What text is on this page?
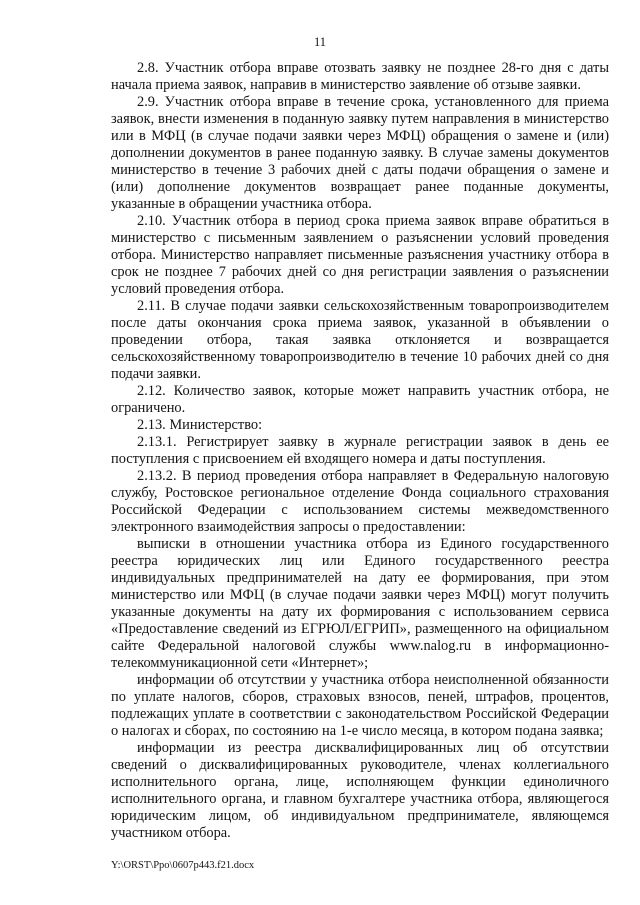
11

2.8. Участник отбора вправе отозвать заявку не позднее 28-го дня с даты начала приема заявок, направив в министерство заявление об отзыве заявки.

2.9. Участник отбора вправе в течение срока, установленного для приема заявок, внести изменения в поданную заявку путем направления в министерство или в МФЦ (в случае подачи заявки через МФЦ) обращения о замене и (или) дополнении документов в ранее поданную заявку. В случае замены документов министерство в течение 3 рабочих дней с даты подачи обращения о замене и (или) дополнение документов возвращает ранее поданные документы, указанные в обращении участника отбора.

2.10. Участник отбора в период срока приема заявок вправе обратиться в министерство с письменным заявлением о разъяснении условий проведения отбора. Министерство направляет письменные разъяснения участнику отбора в срок не позднее 7 рабочих дней со дня регистрации заявления о разъяснении условий проведения отбора.

2.11. В случае подачи заявки сельскохозяйственным товаропроизводителем после даты окончания срока приема заявок, указанной в объявлении о проведении отбора, такая заявка отклоняется и возвращается сельскохозяйственному товаропроизводителю в течение 10 рабочих дней со дня подачи заявки.

2.12. Количество заявок, которые может направить участник отбора, не ограничено.

2.13. Министерство:

2.13.1. Регистрирует заявку в журнале регистрации заявок в день ее поступления с присвоением ей входящего номера и даты поступления.

2.13.2. В период проведения отбора направляет в Федеральную налоговую службу, Ростовское региональное отделение Фонда социального страхования Российской Федерации с использованием системы межведомственного электронного взаимодействия запросы о предоставлении:

выписки в отношении участника отбора из Единого государственного реестра юридических лиц или Единого государственного реестра индивидуальных предпринимателей на дату ее формирования, при этом министерство или МФЦ (в случае подачи заявки через МФЦ) могут получить указанные документы на дату их формирования с использованием сервиса «Предоставление сведений из ЕГРЮЛ/ЕГРИП», размещенного на официальном сайте Федеральной налоговой службы www.nalog.ru в информационно-телекоммуникационной сети «Интернет»;

информации об отсутствии у участника отбора неисполненной обязанности по уплате налогов, сборов, страховых взносов, пеней, штрафов, процентов, подлежащих уплате в соответствии с законодательством Российской Федерации о налогах и сборах, по состоянию на 1-е число месяца, в котором подана заявка;

информации из реестра дисквалифицированных лиц об отсутствии сведений о дисквалифицированных руководителе, членах коллегиального исполнительного органа, лице, исполняющем функции единоличного исполнительного органа, и главном бухгалтере участника отбора, являющегося юридическим лицом, об индивидуальном предпринимателе, являющемся участником отбора.

Y:\ORST\Ppo\0607p443.f21.docx
